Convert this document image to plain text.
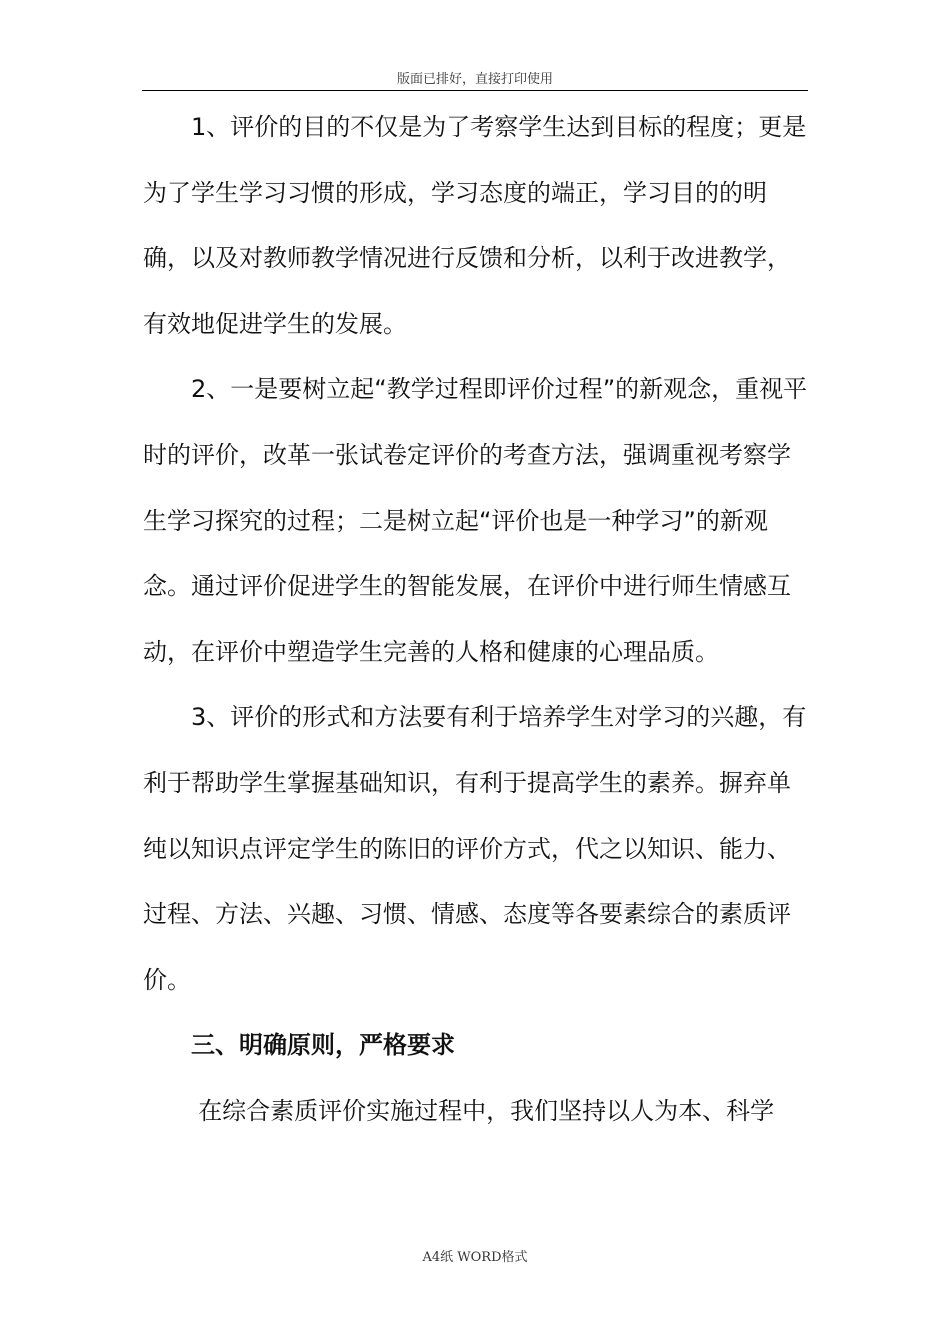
版面已排好，直接打印使用

1、评价的目的不仅是为了考察学生达到目标的程度；更是为了学生学习习惯的形成，学习态度的端正，学习目的的明确，以及对教师教学情况进行反馈和分析，以利于改进教学，有效地促进学生的发展。

2、一是要树立起“教学过程即评价过程”的新观念，重视平时的评价，改革一张试卷定评价的考查方法，强调重视考察学生学习探究的过程；二是树立起“评价也是一种学习”的新观念。通过评价促进学生的智能发展，在评价中进行师生情感互动，在评价中塑造学生完善的人格和健康的心理品质。

3、评价的形式和方法要有利于培养学生对学习的兴趣，有利于帮助学生掌握基础知识，有利于提高学生的素养。摒弃单纯以知识点评定学生的陈旧的评价方式，代之以知识、能力、过程、方法、兴趣、习惯、情感、态度等各要素综合的素质评价。

三、明确原则，严格要求

在综合素质评价实施过程中，我们坚持以人为本、科学

A4纸 WORD格式
